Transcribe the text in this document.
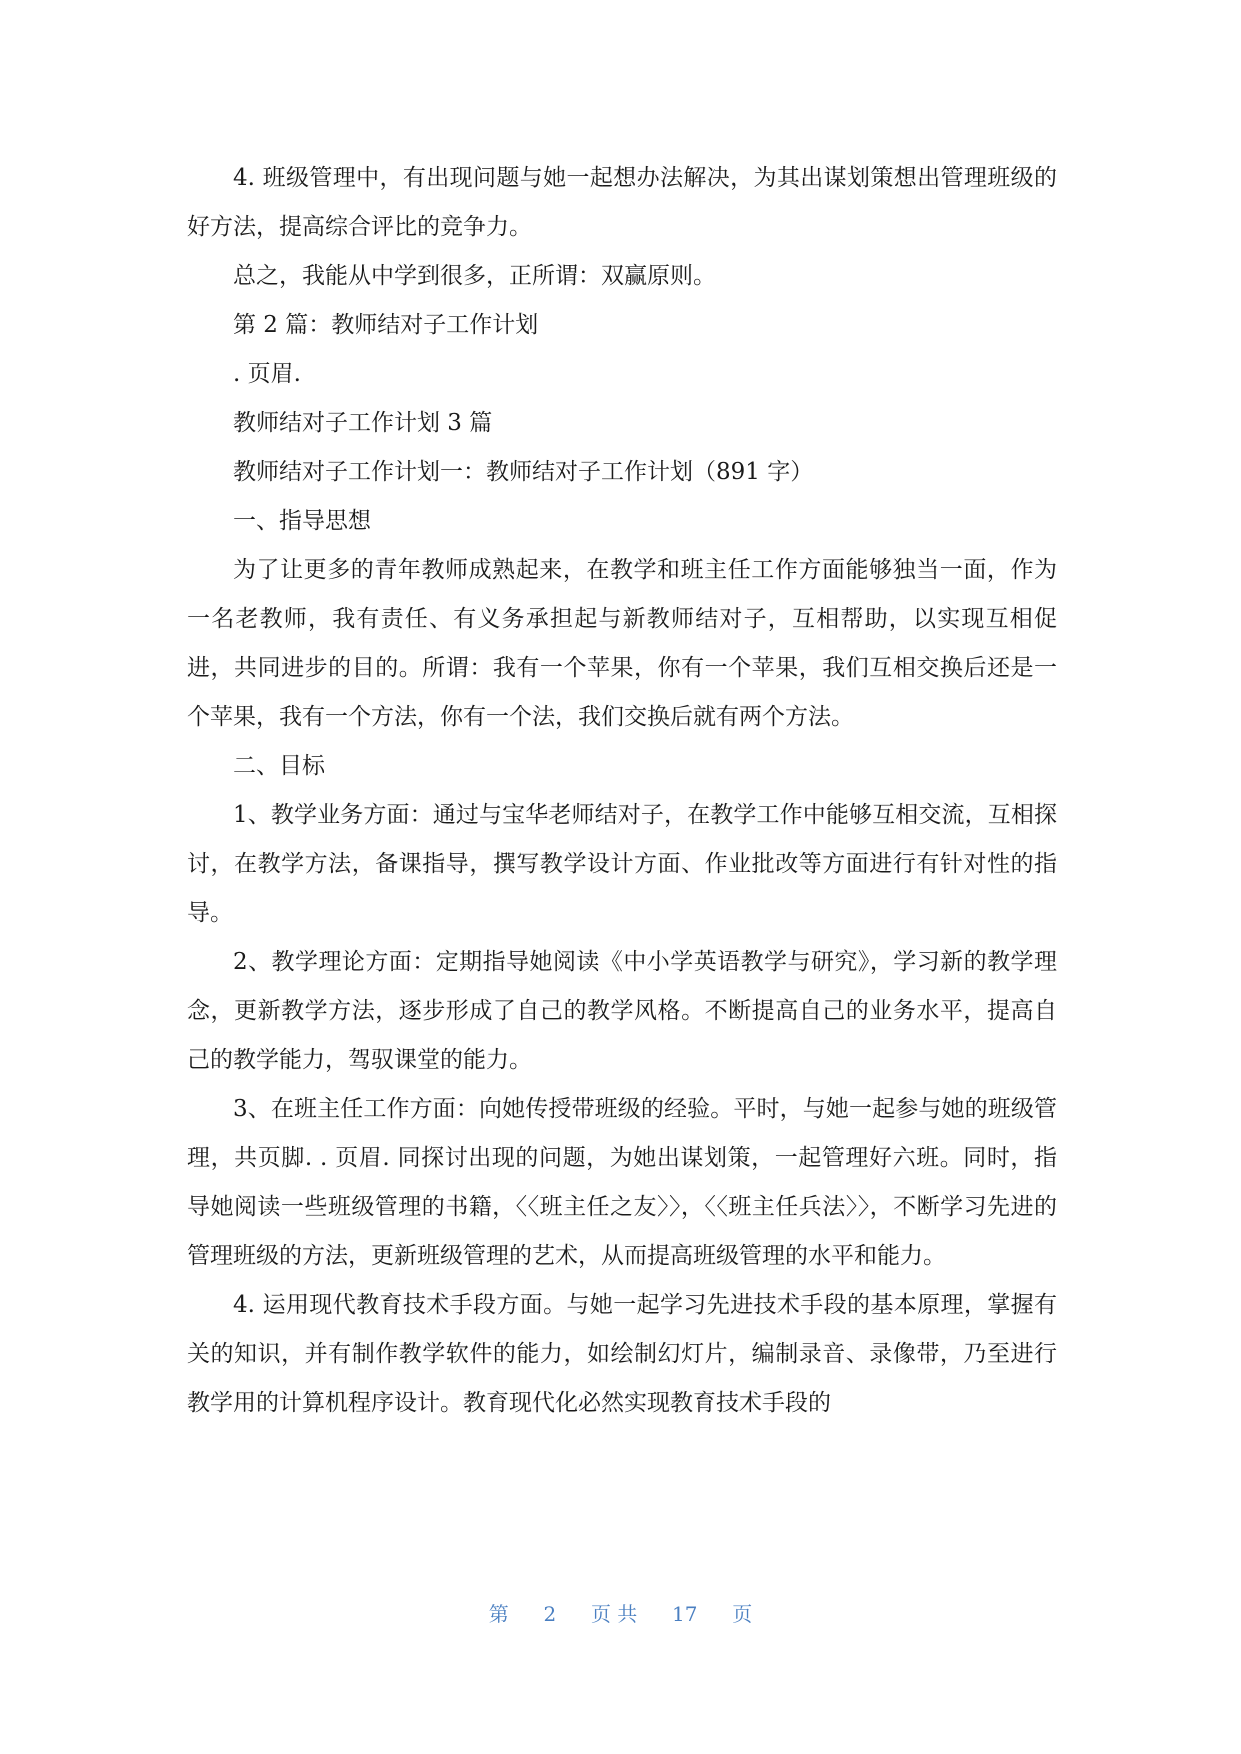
4. 班级管理中，有出现问题与她一起想办法解决，为其出谋划策想出管理班级的好方法，提高综合评比的竞争力。

总之，我能从中学到很多，正所谓：双赢原则。

第 2 篇：教师结对子工作计划

. 页眉.

教师结对子工作计划 3 篇

教师结对子工作计划一：教师结对子工作计划（891 字）

一、指导思想

为了让更多的青年教师成熟起来，在教学和班主任工作方面能够独当一面，作为一名老教师，我有责任、有义务承担起与新教师结对子，互相帮助，以实现互相促进，共同进步的目的。所谓：我有一个苹果，你有一个苹果，我们互相交换后还是一个苹果，我有一个方法，你有一个法，我们交换后就有两个方法。

二、目标

1、教学业务方面：通过与宝华老师结对子，在教学工作中能够互相交流，互相探讨，在教学方法，备课指导，撰写教学设计方面、作业批改等方面进行有针对性的指导。

2、教学理论方面：定期指导她阅读《中小学英语教学与研究》，学习新的教学理念，更新教学方法，逐步形成了自己的教学风格。不断提高自己的业务水平，提高自己的教学能力，驾驭课堂的能力。

3、在班主任工作方面：向她传授带班级的经验。平时，与她一起参与她的班级管理，共页脚. . 页眉. 同探讨出现的问题，为她出谋划策，一起管理好六班。同时，指导她阅读一些班级管理的书籍，〈〈班主任之友〉〉，〈〈班主任兵法〉〉，不断学习先进的管理班级的方法，更新班级管理的艺术，从而提高班级管理的水平和能力。

4. 运用现代教育技术手段方面。与她一起学习先进技术手段的基本原理，掌握有关的知识，并有制作教学软件的能力，如绘制幻灯片，编制录音、录像带，乃至进行教学用的计算机程序设计。教育现代化必然实现教育技术手段的

第 2 页 共 17 页
